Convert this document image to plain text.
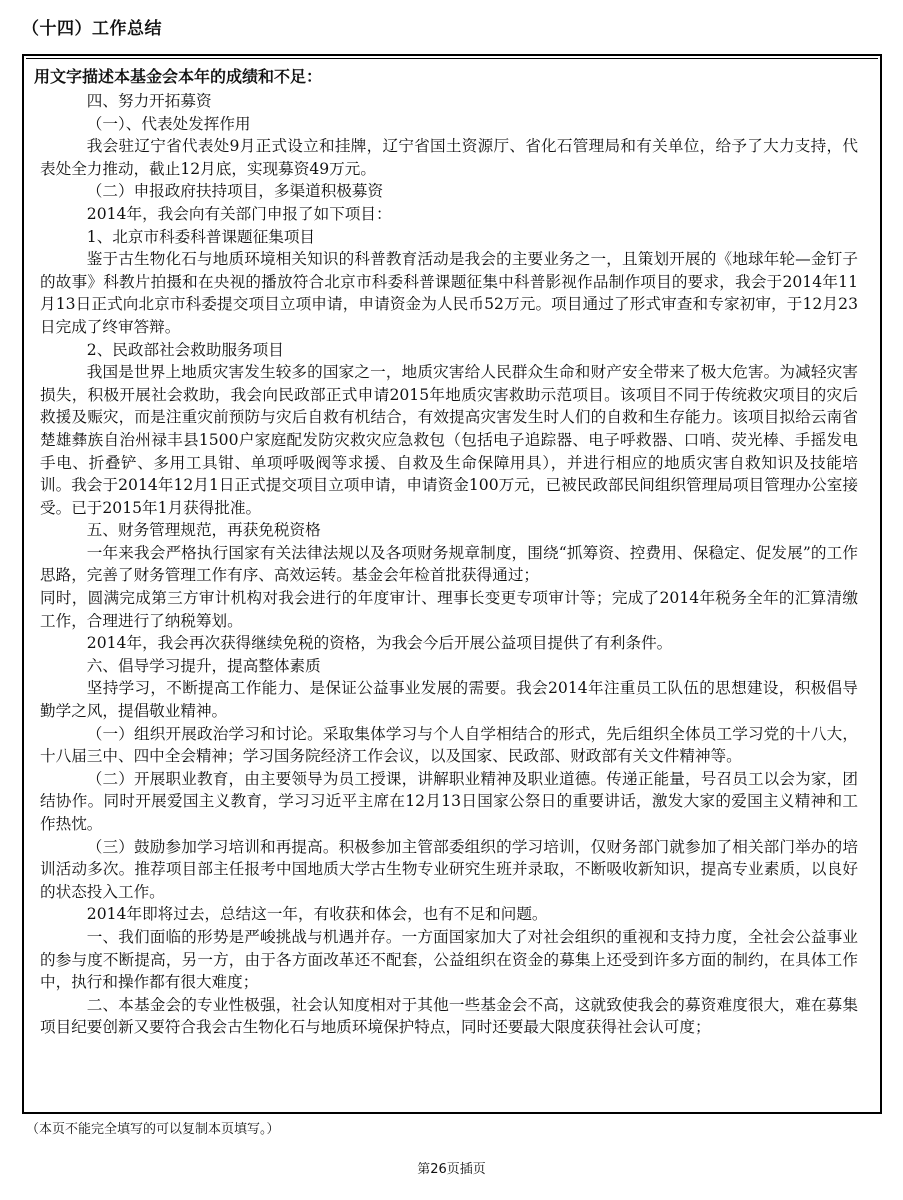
（十四）工作总结
用文字描述本基金会本年的成绩和不足：

四、努力开拓募资

（一）、代表处发挥作用

我会驻辽宁省代表处9月正式设立和挂牌，辽宁省国土资源厅、省化石管理局和有关单位，给予了大力支持，代表处全力推动，截止12月底，实现募资49万元。

（二）申报政府扶持项目，多渠道积极募资

2014年，我会向有关部门申报了如下项目：

1、北京市科委科普课题征集项目

鉴于古生物化石与地质环境相关知识的科普教育活动是我会的主要业务之一，且策划开展的《地球年轮—金钉子的故事》科教片拍摄和在央视的播放符合北京市科委科普课题征集中科普影视作品制作项目的要求，我会于2014年11月13日正式向北京市科委提交项目立项申请，申请资金为人民币52万元。项目通过了形式审查和专家初审，于12月23日完成了终审答辩。

2、民政部社会救助服务项目

我国是世界上地质灾害发生较多的国家之一，地质灾害给人民群众生命和财产安全带来了极大危害。为减轻灾害损失，积极开展社会救助，我会向民政部正式申请2015年地质灾害救助示范项目。该项目不同于传统救灾项目的灾后救援及赈灾，而是注重灾前预防与灾后自救有机结合，有效提高灾害发生时人们的自救和生存能力。该项目拟给云南省楚雄彝族自治州禄丰县1500户家庭配发防灾救灾应急救包（包括电子追踪器、电子呼救器、口哨、荧光棒、手摇发电手电、折叠铲、多用工具钳、单项呼吸阀等求援、自救及生命保障用具），并进行相应的地质灾害自救知识及技能培训。我会于2014年12月1日正式提交项目立项申请，申请资金100万元，已被民政部民间组织管理局项目管理办公室接受。已于2015年1月获得批准。

五、财务管理规范，再获免税资格

一年来我会严格执行国家有关法律法规以及各项财务规章制度，围绕“抓筹资、控费用、保稳定、促发展”的工作思路，完善了财务管理工作有序、高效运转。基金会年检首批获得通过；

同时，圆满完成第三方审计机构对我会进行的年度审计、理事长变更专项审计等；完成了2014年税务全年的汇算清缴工作，合理进行了纳税筹划。

2014年，我会再次获得继续免税的资格，为我会今后开展公益项目提供了有利条件。

六、倡导学习提升，提高整体素质

坚持学习，不断提高工作能力、是保证公益事业发展的需要。我会2014年注重员工队伍的思想建设，积极倡导勤学之风，提倡敬业精神。

（一）组织开展政治学习和讨论。采取集体学习与个人自学相结合的形式，先后组织全体员工学习党的十八大，十八届三中、四中全会精神；学习国务院经济工作会议，以及国家、民政部、财政部有关文件精神等。

（二）开展职业教育，由主要领导为员工授课，讲解职业精神及职业道德。传递正能量，号召员工以会为家，团结协作。同时开展爱国主义教育，学习习近平主席在12月13日国家公祭日的重要讲话，激发大家的爱国主义精神和工作热忱。

（三）鼓励参加学习培训和再提高。积极参加主管部委组织的学习培训，仅财务部门就参加了相关部门举办的培训活动多次。推荐项目部主任报考中国地质大学古生物专业研究生班并录取，不断吸收新知识，提高专业素质，以良好的状态投入工作。

2014年即将过去，总结这一年，有收获和体会，也有不足和问题。

一、我们面临的形势是严峻挑战与机遇并存。一方面国家加大了对社会组织的重视和支持力度，全社会公益事业的参与度不断提高，另一方，由于各方面改革还不配套，公益组织在资金的募集上还受到许多方面的制约，在具体工作中，执行和操作都有很大难度；

二、本基金会的专业性极强，社会认知度相对于其他一些基金会不高，这就致使我会的募资难度很大，难在募集项目纪要创新又要符合我会古生物化石与地质环境保护特点，同时还要最大限度获得社会认可度；

（本页不能完全填写的可以复制本页填写。）
第26页插页
